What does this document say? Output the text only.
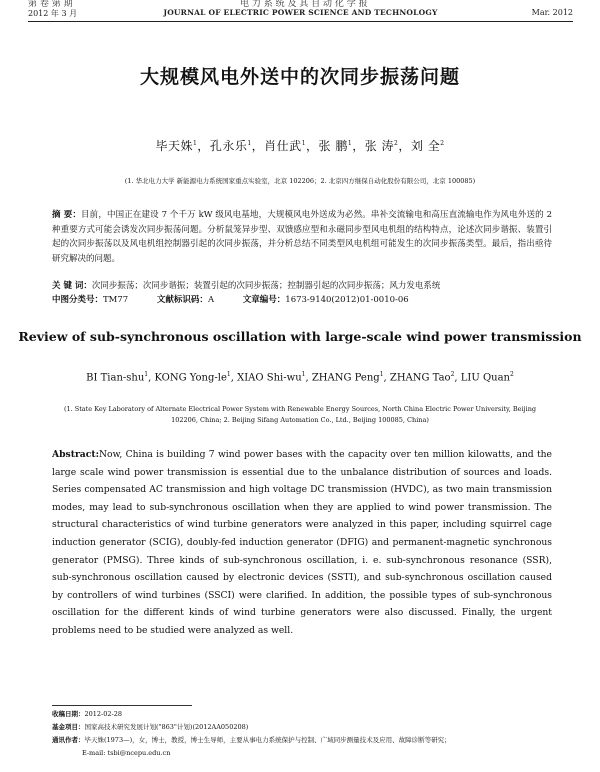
第 卷 第 期	电 力 系 统 及 其 自 动 化 学 报
2012 年 3 月	JOURNAL OF ELECTRIC POWER SCIENCE AND TECHNOLOGY	Mar. 2012
大规模风电外送中的次同步振荡问题
毕天姝$^1$，孔永乐$^1$，肖仕武$^1$，张 鹏$^1$，张 涛$^2$，刘 全$^2$
(1. 华北电力大学 新能源电力系统国家重点实验室，北京 102206；2. 北京四方继保自动化股份有限公司，北京 100085)
摘 要：目前，中国正在建设 7 个千万 kW 级风电基地，大规模风电外送成为必然。串补交流输电和高压直流输电作为风电外送的 2 种重要方式可能会诱发次同步振荡问题。分析鼠笼异步型、双馈感应型和永磁同步型风电机组的结构特点，论述次同步谐振、装置引起的次同步振荡以及风电机组控制器引起的次同步振荡，并分析总结不同类型风电机组可能发生的次同步振荡类型。最后，指出亟待研究解决的问题。
关 键 词：次同步振荡；次同步谐振；装置引起的次同步振荡；控制器引起的次同步振荡；风力发电系统
中图分类号：TM77	文献标识码：A	文章编号：1673-9140(2012)01-0010-06
Review of sub-synchronous oscillation with large-scale wind power transmission
BI Tian-shu$^1$, KONG Yong-$le^1$, XIAO Shi-$wu^1$, ZHANG Peng$^1$, ZHANG Tao$^2$, LIU Quan$^2$
(1. State Key Laboratory of Alternate Electrical Power System with Renewable Energy Sources, North China Electric Power University, Beijing 102206, China; 2. Beijing Sifang Automation Co., Ltd., Beijing 100085, China)
Abstract:Now, China is building 7 wind power bases with the capacity over ten million kilowatts, and the large scale wind power transmission is essential due to the unbalance distribution of sources and loads. Series compensated AC transmission and high voltage DC transmission (HVDC), as two main transmission modes, may lead to sub-synchronous oscillation when they are applied to wind power transmission. The structural characteristics of wind turbine generators were analyzed in this paper, including squirrel cage induction generator (SCIG), doubly-fed induction generator (DFIG) and permanent-magnetic synchronous generator (PMSG). Three kinds of sub-synchronous oscillation, i. e. sub-synchronous resonance (SSR), sub-synchronous oscillation caused by electronic devices (SSTI), and sub-synchronous oscillation caused by controllers of wind turbines (SSCI) were clarified. In addition, the possible types of sub-synchronous oscillation for the different kinds of wind turbine generators were also discussed. Finally, the urgent problems need to be studied were analyzed as well.
收稿日期：2012-02-28
基金项目：国家高技术研究发展计划("863"计划)(2012AA050208)
通讯作者：毕天姝(1973—)，女，博士，教授，博士生导师，主要从事电力系统保护与控制、广域同步测量技术及应用、故障诊断等研究；
E-mail: tsbi@ncepu.edu.cn
